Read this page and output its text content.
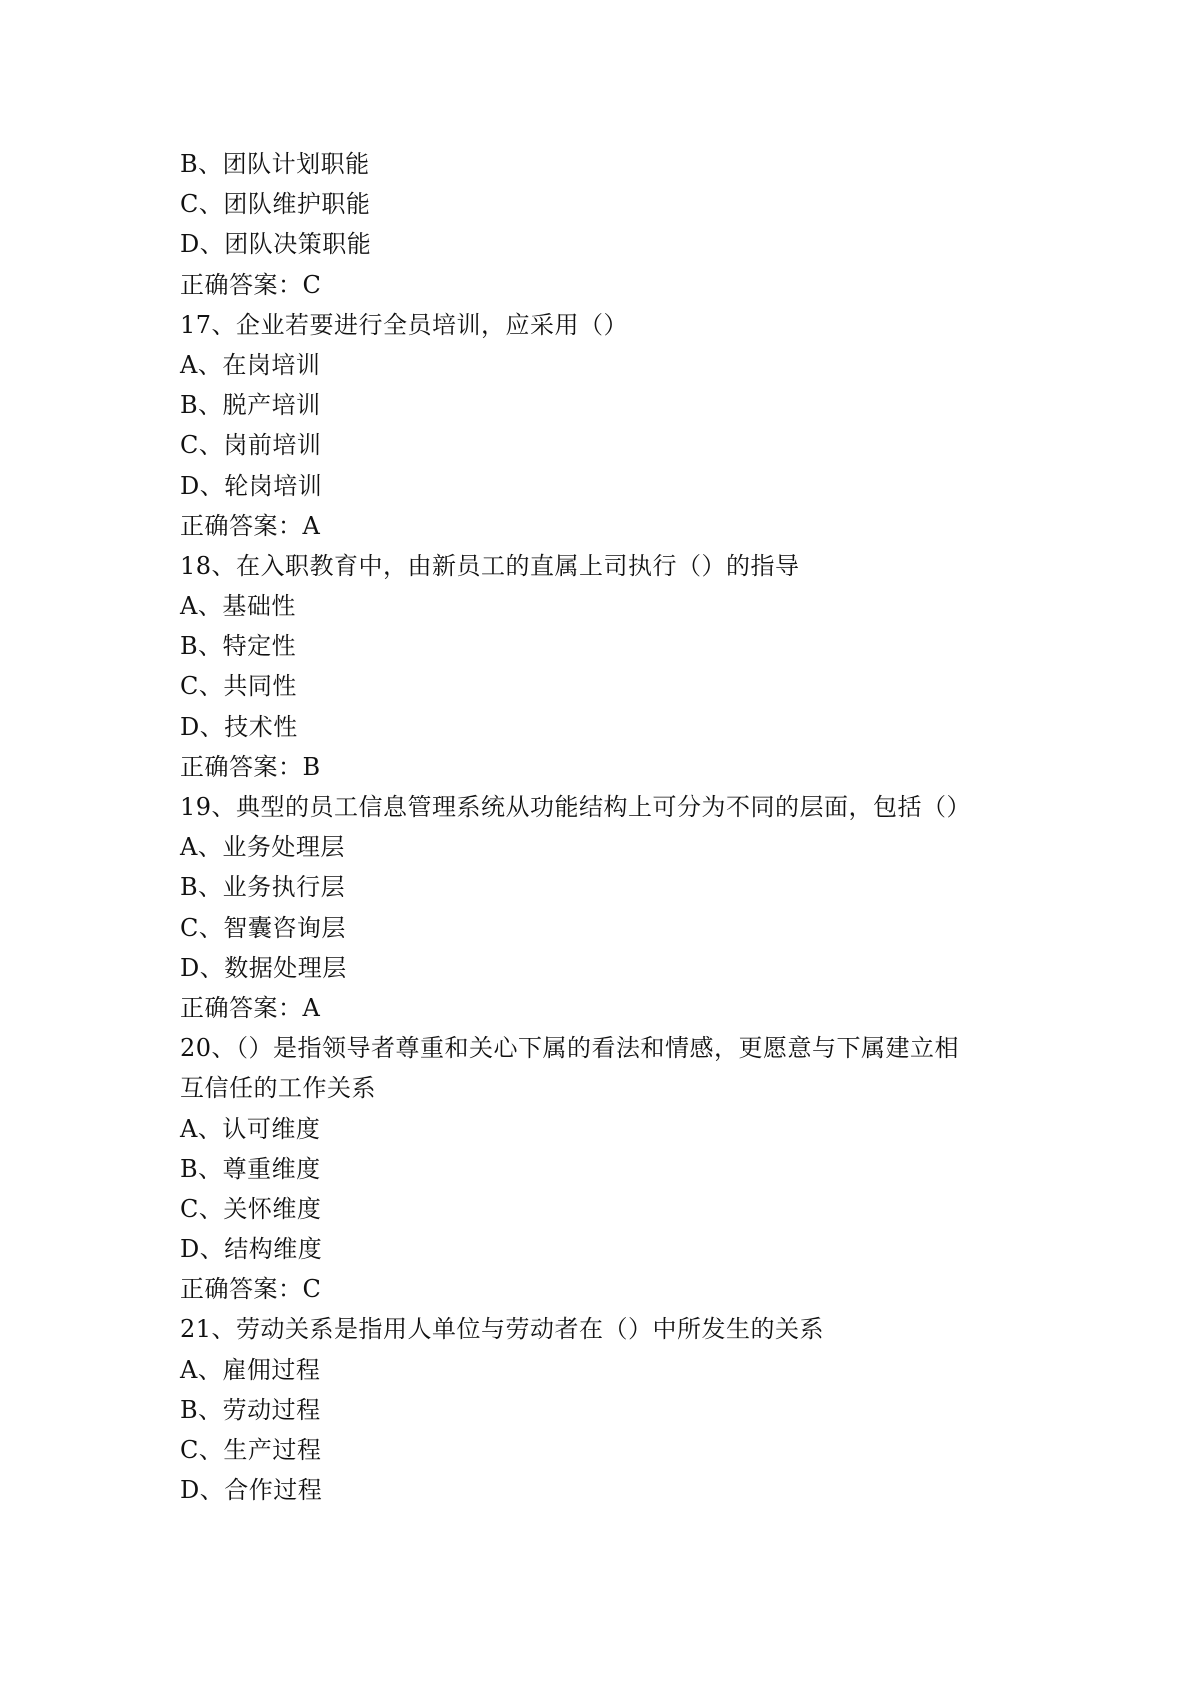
B、团队计划职能
C、团队维护职能
D、团队决策职能
正确答案：C
17、企业若要进行全员培训，应采用（）
A、在岗培训
B、脱产培训
C、岗前培训
D、轮岗培训
正确答案：A
18、在入职教育中，由新员工的直属上司执行（）的指导
A、基础性
B、特定性
C、共同性
D、技术性
正确答案：B
19、典型的员工信息管理系统从功能结构上可分为不同的层面，包括（）
A、业务处理层
B、业务执行层
C、智囊咨询层
D、数据处理层
正确答案：A
20、（）是指领导者尊重和关心下属的看法和情感，更愿意与下属建立相
互信任的工作关系
A、认可维度
B、尊重维度
C、关怀维度
D、结构维度
正确答案：C
21、劳动关系是指用人单位与劳动者在（）中所发生的关系
A、雇佣过程
B、劳动过程
C、生产过程
D、合作过程
